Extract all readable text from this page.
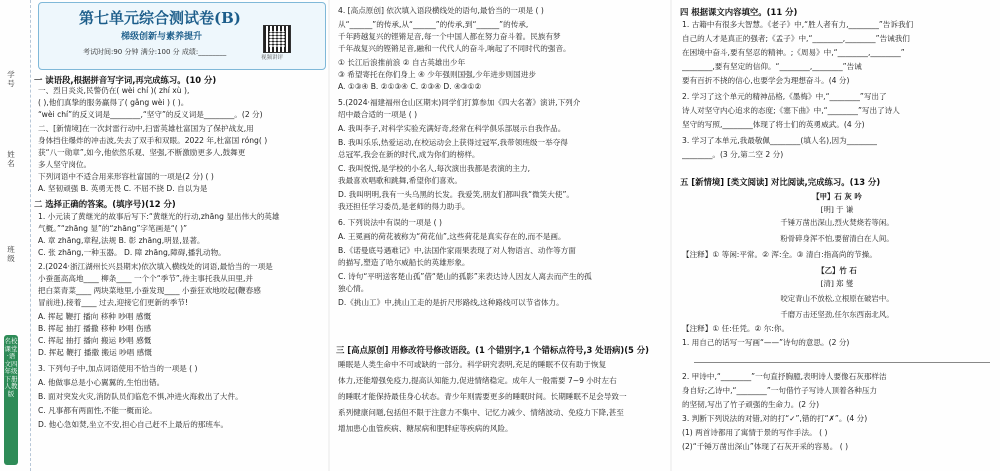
学号
姓名
班级
名校课堂·语文四年级下册人教版
第七单元综合测试卷(B)
梯级创新与素养提升
考试时间:90 分钟 满分:100 分 成绩:________
视频讲评
一 读语段,根据拼音写字词,再完成练习。(10 分)
一、烈日炎炎,民警仍在( wèi chí )( zhí xù ),
( ),他们真挚的服务赢得了( gǎng wèi ) ( )。
“wèi chí”的反义词是________,“坚守”的反义词是________。(2 分)
二、[新情境]在一次封雷行动中,扫雷英雄杜富国为了保护战友,用
身体挡住爆炸的冲击波,失去了双手和双眼。2022 年,杜富国 róng( )
获“八一勋章”,如今,他依然乐观、坚强,不断激励更多人,鼓舞更
多人坚守岗位。
下列词语中不适合用来形容杜富国的一项是(2 分) ( )
A. 坚韧顽强 B. 英勇无畏 C. 不屈不挠 D. 自以为是
二 选择正确的答案。(填序号)(12 分)
1. 小元读了黄继光的故事后写下:“黄继光的行动,zhāng 显出伟大的英雄
气概。”“zhāng 显”的“zhāng”字笔画是“( )”
A. 章 zhāng,章程,法规 B. 彰 zhāng,明显,显著。
C. 张 zhāng,一种玉器。 D. 障 zhāng,障碍,播乳动物。
2.(2024·浙江湖州长兴县期末)依次填入横线处的词语,最恰当的一项是
小蚕蛋高高地____ 柳条____ 一个个“季节”,待主事托我从田里,并
把白菜青菜____ 两块菜地里,小蚕发现____ 小蚕狂欢地咬起(鞭春感
冒前进),接着____ 过去,迎接它们更新的季节!
A. 挥起 鞭打 播向 移种 吵唱 感慨
B. 挥起 抽打 播撒 移种 吵唱 伤感
C. 挥起 抽打 播向 搬运 吵唱 感慨
D. 挥起 鞭打 播撒 搬运 吵唱 感慨
3. 下列句子中,加点词语使用不恰当的一项是 ( )
A. 他做事总是小心翼翼的,生怕出错。
B. 面对突发火灾,消防队员们临危不惧,冲进火海救出了大件。
C. 凡事都有两面性,不能一概而论。
D. 他心急如焚,坐立不安,担心自己赶不上最后的那班车。
4. [高点原创] 依次填入语段横线处的语句,最恰当的一项是 ( )
从“______”的传承,从“______”的传承,到“______”的传承,
千年跨越复兴的铿锵足音,每一个中国人都在努力奋斗着。民族有梦
千年战复兴的铿锵足音,融和一代代人的奋斗,响起了不同时代的强音。
① 长江后浪推前浪 ② 自古英雄出少年
③ 希望寄托在你们身上 ④ 少年强则国强,少年进步则国进步
A. ①③④ B. ②①③④ C. ②③④ D. ④③①②
5.(2024·福建福州仓山区期末)同学们打算参加《四大名著》演讲,下列介
绍中最合适的一项是 ( )
A. 我叫李子,对科学实验充满好奇,经常在科学俱乐部展示自我作品。
B. 我叫乐乐,热爱运动,在校运动会上获得过冠军,我带领班级一举夺得
总冠军,我会在新的时代,成为你们的榜样。
C. 我叫悦悦,是学校的小名人,每次演出我都是表演的主力,
我最喜欢唱歌和跳舞,希望你们喜欢。
D. 我叫明明,我有一头乌黑的长发。我爱笑,朋友们都叫我“微笑大使”。
我还担任学习委员,是老师的得力助手。
6. 下列说法中有误的一项是 ( )
A. 王冕画的荷花被称为“荷花仙”,这些荷花是真实存在的,而不是画。
B.《诺曼底号遇难记》中,法国作家雨果表现了对人物语言、动作等方面
的描写,塑造了哈尔威船长的英雄形象。
C. 诗句“平明送客楚山孤”借“楚山的孤影”来表达诗人因友人离去而产生的孤
独心情。
D.《挑山工》中,挑山工走的是折尺形路线,这种路线可以节省体力。
三 [高点原创] 用修改符号修改语段。(1 个错别字,1 个错标点符号,3 处语病)(5 分)
睡眠是人类生命中不可或缺的一部分。科学研究表明,充足的睡眠不仅有助于恢复
体力,还能增强免疫力,提高认知能力,促进情绪稳定。成年人一般需要 7~9 小时左右
的睡眠才能保持最佳身心状态。青少年则需要更多的睡眠时间。长期睡眠不足会导致一
系列健康问题,包括但不限于注意力不集中、记忆力减少、情绪波动、免疫力下降,甚至
增加患心血管疾病、糖尿病和肥胖症等疾病的风险。
四 根据课文内容填空。(11 分)
1. 古籍中有很多大智慧。《老子》中,“胜人者有力,________”告诉我们
自己的人才是真正的强者;《孟子》中,“________,________”告诫我们
在困境中奋斗,要有坚忍的精神。;《周易》中,“________,________”
________,要有坚定的信仰。“________,________”告诫
要有百折不挠的信心,也要学会为理想奋斗。(4 分)
2. 学习了这个单元的精神品格,《墨梅》中,“________”写出了
诗人对坚守内心追求的态度;《塞下曲》中,“________”写出了诗人
坚守的写照,________体现了将士们的英勇威武。(4 分)
3. 学习了本单元,我最敬佩________(填人名),因为________
________。(3 分,第二空 2 分)
五 [新情境] [类文阅读] 对比阅读,完成练习。(13 分)
【甲】石 灰 吟
[明] 于 谦
千锤万凿出深山,烈火焚烧若等闲。
粉骨碎身浑不怕,要留清白在人间。
【注释】① 等闲:平常。② 浑:全。③ 清白:指高尚的节操。
【乙】竹 石
[清] 郑 燮
咬定青山不放松,立根原在破岩中。
千磨万击还坚劲,任尔东西南北风。
【注释】① 任:任凭。② 尔:你。
1. 用自己的话写一写画“——”诗句的意思。(2 分)
2. 甲诗中,“________”一句直抒胸臆,表明诗人要像石灰那样洁
身自好;乙诗中,“________”一句借竹子写诗人顶着各种压力
的坚韧,写出了竹子顽强的生命力。(2 分)
3. 判断下列说法的对错,对的打“✓”,错的打“✗”。(4 分)
(1) 两首诗都用了寓情于景的写作手法。 ( )
(2)“千锤万凿出深山”体现了石灰开采的容易。 ( )
